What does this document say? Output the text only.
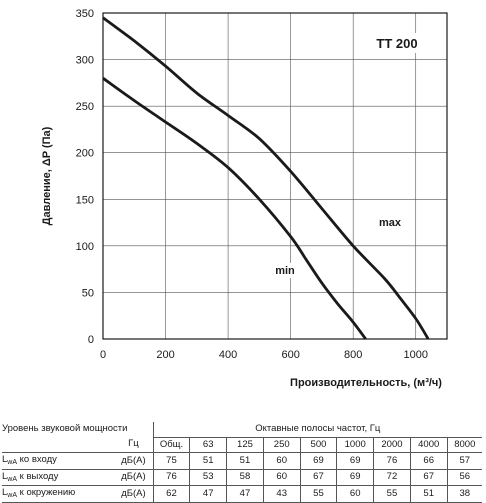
0	200	400	600	800	1000
0
50
100
150
200
250
300
350
TT 200
max
min
Давление, ΔP (Па)
Производительность, (м³/ч)
Уровень звуковой мощности		Октавные полосы частот, Гц								
	Гц	Общ.	63	125	250	500	1000	2000	4000	8000
$L_{wA}$ ко входу	дБ(А)	75	51	51	60	69	69	76	66	57
$L_{wA}$ к выходу	дБ(А)	76	53	58	60	67	69	72	67	56
$L_{wA}$ к окружению	дБ(А)	62	47	47	43	55	60	55	51	38
